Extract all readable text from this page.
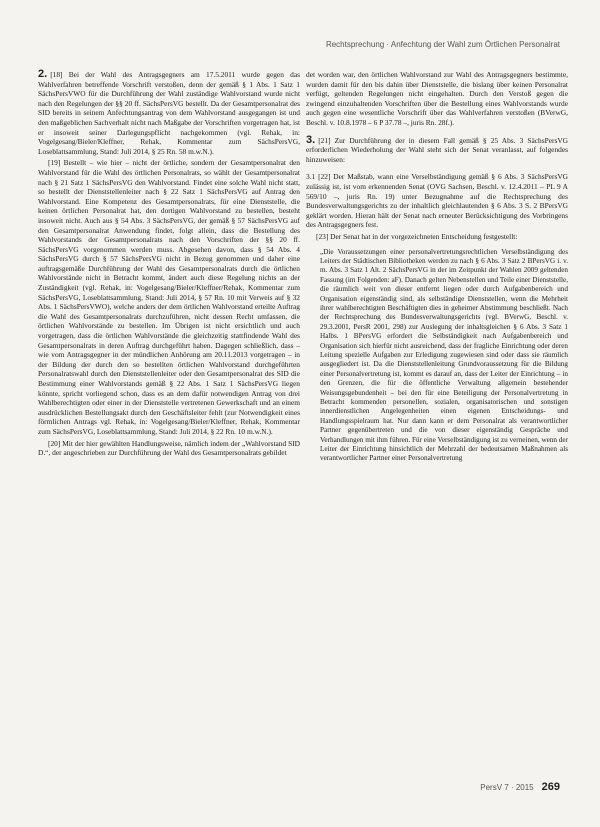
Rechtsprechung · Anfechtung der Wahl zum Örtlichen Personalrat

2. [18] Bei der Wahl des Antragsgegners am 17.5.2011 wurde gegen das Wahlverfahren betreffende Vorschrift verstoßen, denn der gemäß § 1 Abs. 1 Satz 1 SächsPersVWO für die Durchführung der Wahl zuständige Wahlvorstand wurde nicht nach den Regelungen der §§ 20 ff. SächsPersVG bestellt. Da der Gesamtpersonalrat des SID bereits in seinem Anfechtungsantrag von dem Wahlvorstand ausgegangen ist und den maßgeblichen Sachverhalt nicht nach Maßgabe der Vorschriften vorgetragen hat, ist er insoweit seiner Darlegungspflicht nachgekommen (vgl. Rehak, in: Vogelgesang/Bieler/Kleffner, Rehak, Kommentar zum SächsPersVG, Loseblattsammlung, Stand: Juli 2014, § 25 Rn. 58 m.w.N.).

[19] Bestellt – wie hier – nicht der örtliche, sondern der Gesamtpersonalrat den Wahlvorstand für die Wahl des örtlichen Personalrats, so wählt der Gesamtpersonalrat nach § 21 Satz 1 SächsPersVG den Wahlvorstand. Findet eine solche Wahl nicht statt, so bestellt der Dienststellenleiter nach § 22 Satz 1 SächsPersVG auf Antrag den Wahlvorstand. Eine Kompetenz des Gesamtpersonalrats, für eine Dienststelle, die keinen örtlichen Personalrat hat, den dortigen Wahlvorstand zu bestellen, besteht insoweit nicht. Auch aus § 54 Abs. 3 SächsPersVG, der gemäß § 57 SächsPersVG auf den Gesamtpersonalrat Anwendung findet, folgt allein, dass die Bestellung des Wahlvorstands der Gesamtpersonalrats nach den Vorschriften der §§ 20 ff. SächsPersVG vorgenommen werden muss. Abgesehen davon, dass § 54 Abs. 4 SächsPersVG durch § 57 SächsPersVG nicht in Bezug genommen und daher eine auftragsgemäße Durchführung der Wahl des Gesamtpersonalrats durch die örtlichen Wahlvorstände nicht in Betracht kommt, ändert auch diese Regelung nichts an der Zuständigkeit (vgl. Rehak, in: Vogelgesang/Bieler/Kleffner/Rehak, Kommentar zum SächsPersVG, Loseblattsammlung, Stand: Juli 2014, § 57 Rn. 10 mit Verweis auf § 32 Abs. 1 SächsPersVWO), welche anders der dem örtlichen Wahlvorstand erteilte Auftrag die Wahl des Gesamtpersonalrats durchzuführen, nicht dessen Recht umfassen, die örtlichen Wahlvorstände zu bestellen. Im Übrigen ist nicht ersichtlich und auch vorgetragen, dass die örtlichen Wahlvorstände die gleichzeitig stattfindende Wahl des Gesamtpersonalrats in deren Auftrag durchgeführt haben. Dagegen schließlich, dass – wie vom Antragsgegner in der mündlichen Anhörung am 20.11.2013 vorgetragen – in der Bildung der durch den so bestellten örtlichen Wahlvorstand durchgeführten Personalratswahl durch den Dienststellenleiter oder den Gesamtpersonalrat des SID die Bestimmung einer Wahlvorstands gemäß § 22 Abs. 1 Satz 1 SächsPersVG liegen könnte, spricht vorliegend schon, dass es an dem dafür notwendigen Antrag von drei Wahlberechtigten oder einer in der Dienststelle vertretenen Gewerkschaft und an einem ausdrücklichen Bestellungsakt durch den Geschäftsleiter fehlt (zur Notwendigkeit eines förmlichen Antrags vgl. Rehak, in: Vogelgesang/Bieler/Kleffner, Rehak, Kommentar zum SächsPersVG, Loseblattsammlung, Stand: Juli 2014, § 22 Rn. 10 m.w.N.).

[20] Mit der hier gewählten Handlungsweise, nämlich indem der „Wahlvorstand SID D.“, der angeschrieben zur Durchführung der Wahl des Gesamtpersonalrats gebildet

det worden war, den örtlichen Wahlvorstand zur Wahl des Antragsgegners bestimmte, wurden damit für den bis dahin über Dienststelle, die bislang über keinen Personalrat verfügt, geltenden Regelungen nicht eingehalten. Durch den Verstoß gegen die zwingend einzuhaltenden Vorschriften über die Bestellung eines Wahlvorstands wurde auch gegen eine wesentliche Vorschrift über das Wahlverfahren verstoßen (BVerwG, Beschl. v. 10.8.1978 – 6 P 37.78 –, juris Rn. 28f.).

3. [21] Zur Durchführung der in diesem Fall gemäß § 25 Abs. 3 SächsPersVG erforderlichen Wiederholung der Wahl steht sich der Senat veranlasst, auf folgendes hinzuweisen:

3.1 [22] Der Maßstab, wann eine Verselbständigung gemäß § 6 Abs. 3 SächsPersVG zulässig ist, ist vom erkennenden Senat (OVG Sachsen, Beschl. v. 12.4.2011 – PL 9 A 569/10 –, juris Rn. 19) unter Bezugnahme auf die Rechtsprechung des Bundesverwaltungsgerichts zu der inhaltlich gleichlautenden § 6 Abs. 3 S. 2 BPersVG geklärt worden. Hieran hält der Senat nach erneuter Berücksichtigung des Vorbringens des Antragsgegners fest.

[23] Der Senat hat in der vorgezeichneten Entscheidung festgestellt:

„Die Voraussetzungen einer personalvertretungsrechtlichen Verselbständigung des Leiters der Städtischen Bibliotheken werden zu nach § 6 Abs. 3 Satz 2 BPersVG i. v. m. Abs. 3 Satz 1 Alt. 2 SächsPersVG in der im Zeitpunkt der Wahlen 2009 geltenden Fassung (im Folgenden: aF). Danach gelten Nebenstellen und Teile einer Dienststelle, die räumlich weit von dieser entfernt liegen oder durch Aufgabenbereich und Organisation eigenständig sind, als selbständige Dienststellen, wenn die Mehrheit ihrer wahlberechtigten Beschäftigten dies in geheimer Abstimmung beschließt. Nach der Rechtsprechung des Bundesverwaltungsgerichts (vgl. BVerwG, Beschl. v. 29.3.2001, PersR 2001, 298) zur Auslegung der inhaltsgleichen § 6 Abs. 3 Satz 1 Halbs. 1 BPersVG erfordert die Selbständigkeit nach Aufgabenbereich und Organisation sich hierfür nicht ausreichend, dass der fragliche Einrichtung oder deren Leitung spezielle Aufgaben zur Erledigung zugewiesen sind oder dass sie räumlich ausgegliedert ist. Da die Dienststellenleitung Grundvoraussetzung für die Bildung einer Personalvertretung ist, kommt es darauf an, dass der Leiter der Einrichtung – in den Grenzen, die für die öffentliche Verwaltung allgemein bestehender Weisungsgebundenheit – bei den für eine Beteiligung der Personalvertretung in Betracht kommenden personellen, sozialen, organisatorischen und sonstigen innerdienstlichen Angelegenheiten einen eigenen Entscheidungs- und Handlungsspielraum hat. Nur dann kann er dem Personalrat als verantwortlicher Partner gegenübertreten und die von dieser eigenständig Gespräche und Verhandlungen mit ihm führen. Für eine Verselbständigung ist zu verneinen, wenn der Leiter der Einrichtung hinsichtlich der Mehrzahl der bedeutsamen Maßnahmen als verantwortlicher Partner einer Personalvertretung

PersV 7 · 2015 269
